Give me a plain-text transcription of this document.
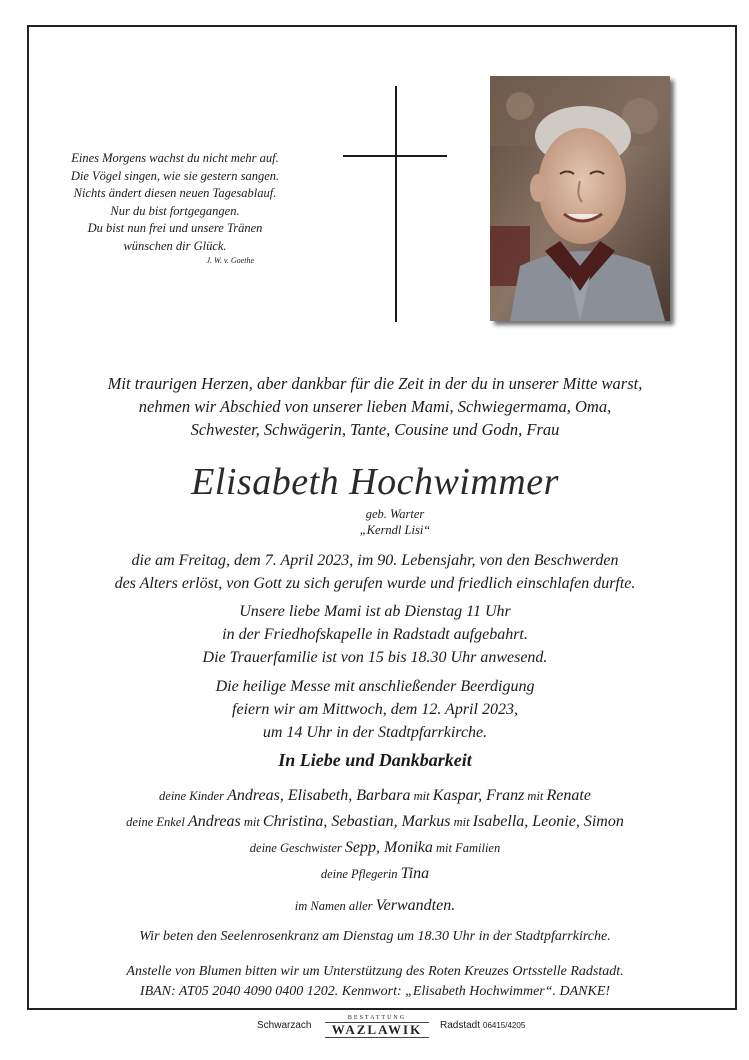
Eines Morgens wachst du nicht mehr auf.
Die Vögel singen, wie sie gestern sangen.
Nichts ändert diesen neuen Tagesablauf.
Nur du bist fortgegangen.
Du bist nun frei und unsere Tränen
wünschen dir Glück.
J. W. v. Goethe
Mit traurigen Herzen, aber dankbar für die Zeit in der du in unserer Mitte warst,
nehmen wir Abschied von unserer lieben Mami, Schwiegermama, Oma,
Schwester, Schwägerin, Tante, Cousine und Godn, Frau
Elisabeth Hochwimmer
geb. Warter
„Kerndl Lisi“
die am Freitag, dem 7. April 2023, im 90. Lebensjahr, von den Beschwerden
des Alters erlöst, von Gott zu sich gerufen wurde und friedlich einschlafen durfte.
Unsere liebe Mami ist ab Dienstag 11 Uhr
in der Friedhofskapelle in Radstadt aufgebahrt.
Die Trauerfamilie ist von 15 bis 18.30 Uhr anwesend.
Die heilige Messe mit anschließender Beerdigung
feiern wir am Mittwoch, dem 12. April 2023,
um 14 Uhr in der Stadtpfarrkirche.
In Liebe und Dankbarkeit
deine Kinder Andreas, Elisabeth, Barbara mit Kaspar, Franz mit Renate
deine Enkel Andreas mit Christina, Sebastian, Markus mit Isabella, Leonie, Simon
deine Geschwister Sepp, Monika mit Familien
deine Pflegerin Tina
im Namen aller Verwandten.
Wir beten den Seelenrosenkranz am Dienstag um 18.30 Uhr in der Stadtpfarrkirche.
Anstelle von Blumen bitten wir um Unterstützung des Roten Kreuzes Ortsstelle Radstadt.
IBAN: AT05 2040 4090 0400 1202. Kennwort: „Elisabeth Hochwimmer“. DANKE!
Schwarzach
BESTATTUNG
WAZLAWIK	Radstadt 06415/4205
